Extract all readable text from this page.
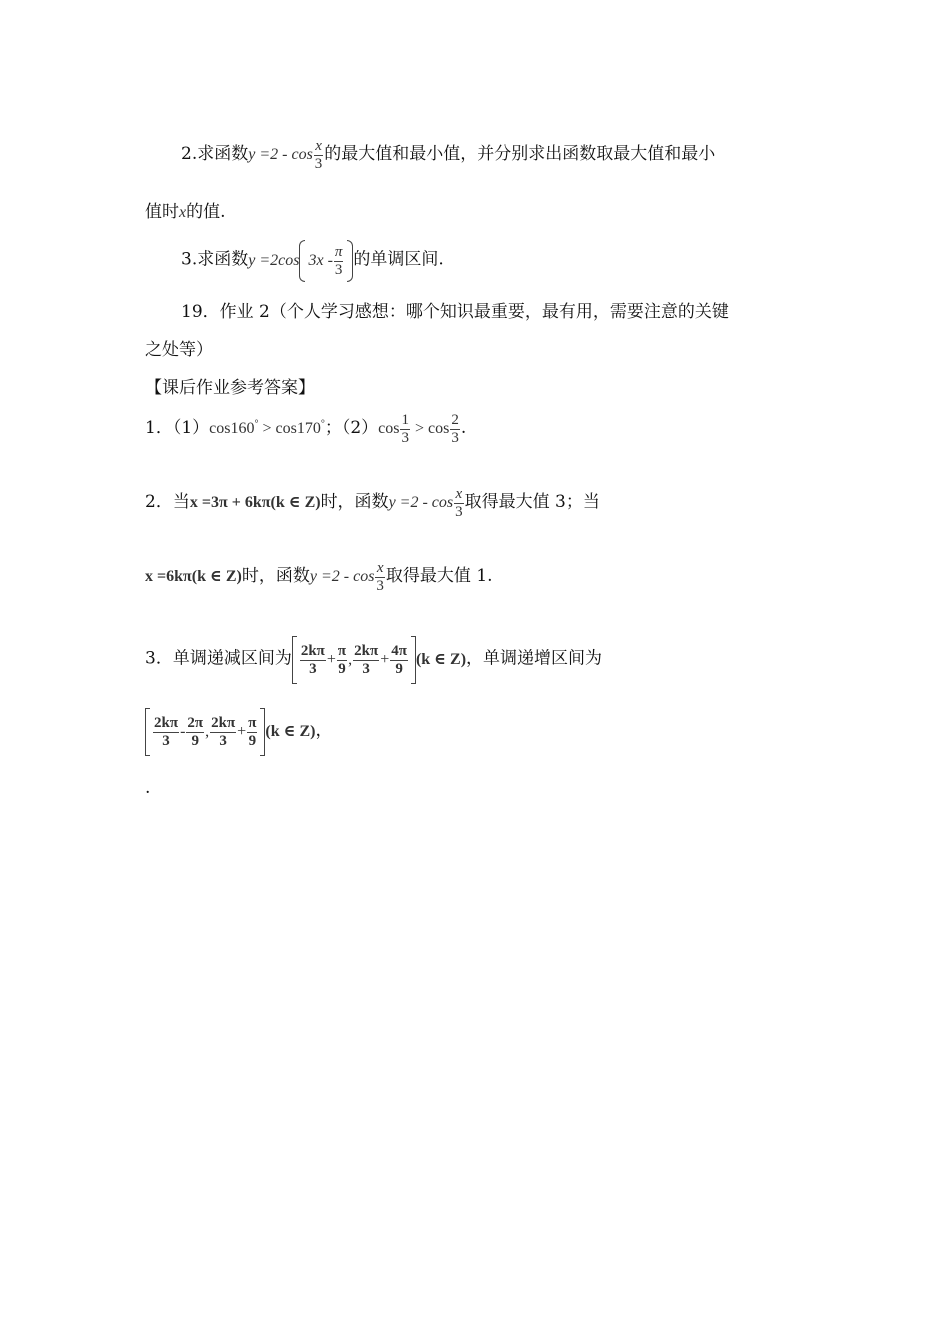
2.求函数$y =2 - \cos \frac{x}{3}$ 的最大值和最小值，并分别求出函数取最大值和最小
值时x的值.
3.求函数y =2cos $3x - \frac{\pi}{3}$ 的单调区间.
19．作业 2（个人学习感想：哪个知识最重要，最有用，需要注意的关键
之处等）
【课后作业参考答案】
1．（1）cos160° > cos170°；$(2)\cos \frac{1}{3} > \cos \frac{2}{3}$ .
2．当x =3π + 6kπ(k ∈ Z)时，函数$y =2 - \cos \frac{x}{3}$ 取得最大值 3；当
x =6kπ(k ∈ Z)时，函数$y =2 - \cos \frac{x}{3}$ 取得最大值 1.
3．单调递减区间为 $\frac{2k\pi}{3} + \frac{\pi}{9}$ , $\frac{2k\pi}{3} + \frac{4\pi}{9} (k$ ∈ Z)，单调递增区间为
$\frac{2k\pi}{3} - \frac{2\pi}{9}$ , $\frac{2k\pi}{3} + \frac{\pi}{9} (k$ ∈ Z)，
.
